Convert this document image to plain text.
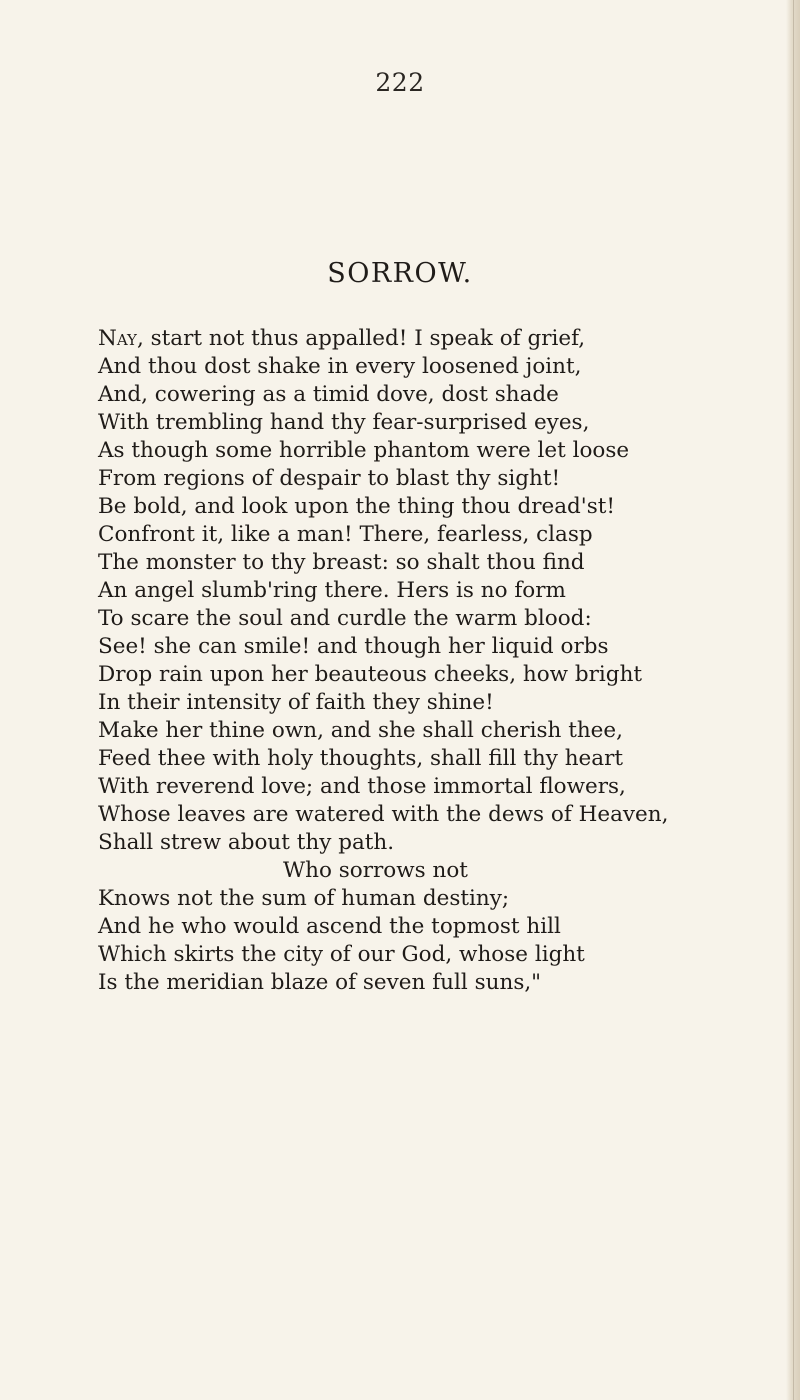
222
SORROW.
Nay, start not thus appalled! I speak of grief,
And thou dost shake in every loosened joint,
And, cowering as a timid dove, dost shade
With trembling hand thy fear-surprised eyes,
As though some horrible phantom were let loose
From regions of despair to blast thy sight!
Be bold, and look upon the thing thou dread'st!
Confront it, like a man! There, fearless, clasp
The monster to thy breast: so shalt thou find
An angel slumb'ring there. Hers is no form
To scare the soul and curdle the warm blood:
See! she can smile! and though her liquid orbs
Drop rain upon her beauteous cheeks, how bright
In their intensity of faith they shine!
Make her thine own, and she shall cherish thee,
Feed thee with holy thoughts, shall fill thy heart
With reverend love; and those immortal flowers,
Whose leaves are watered with the dews of Heaven,
Shall strew about thy path.
Who sorrows not
Knows not the sum of human destiny;
And he who would ascend the topmost hill
Which skirts the city of our God, whose light
Is the meridian blaze of seven full suns,"
